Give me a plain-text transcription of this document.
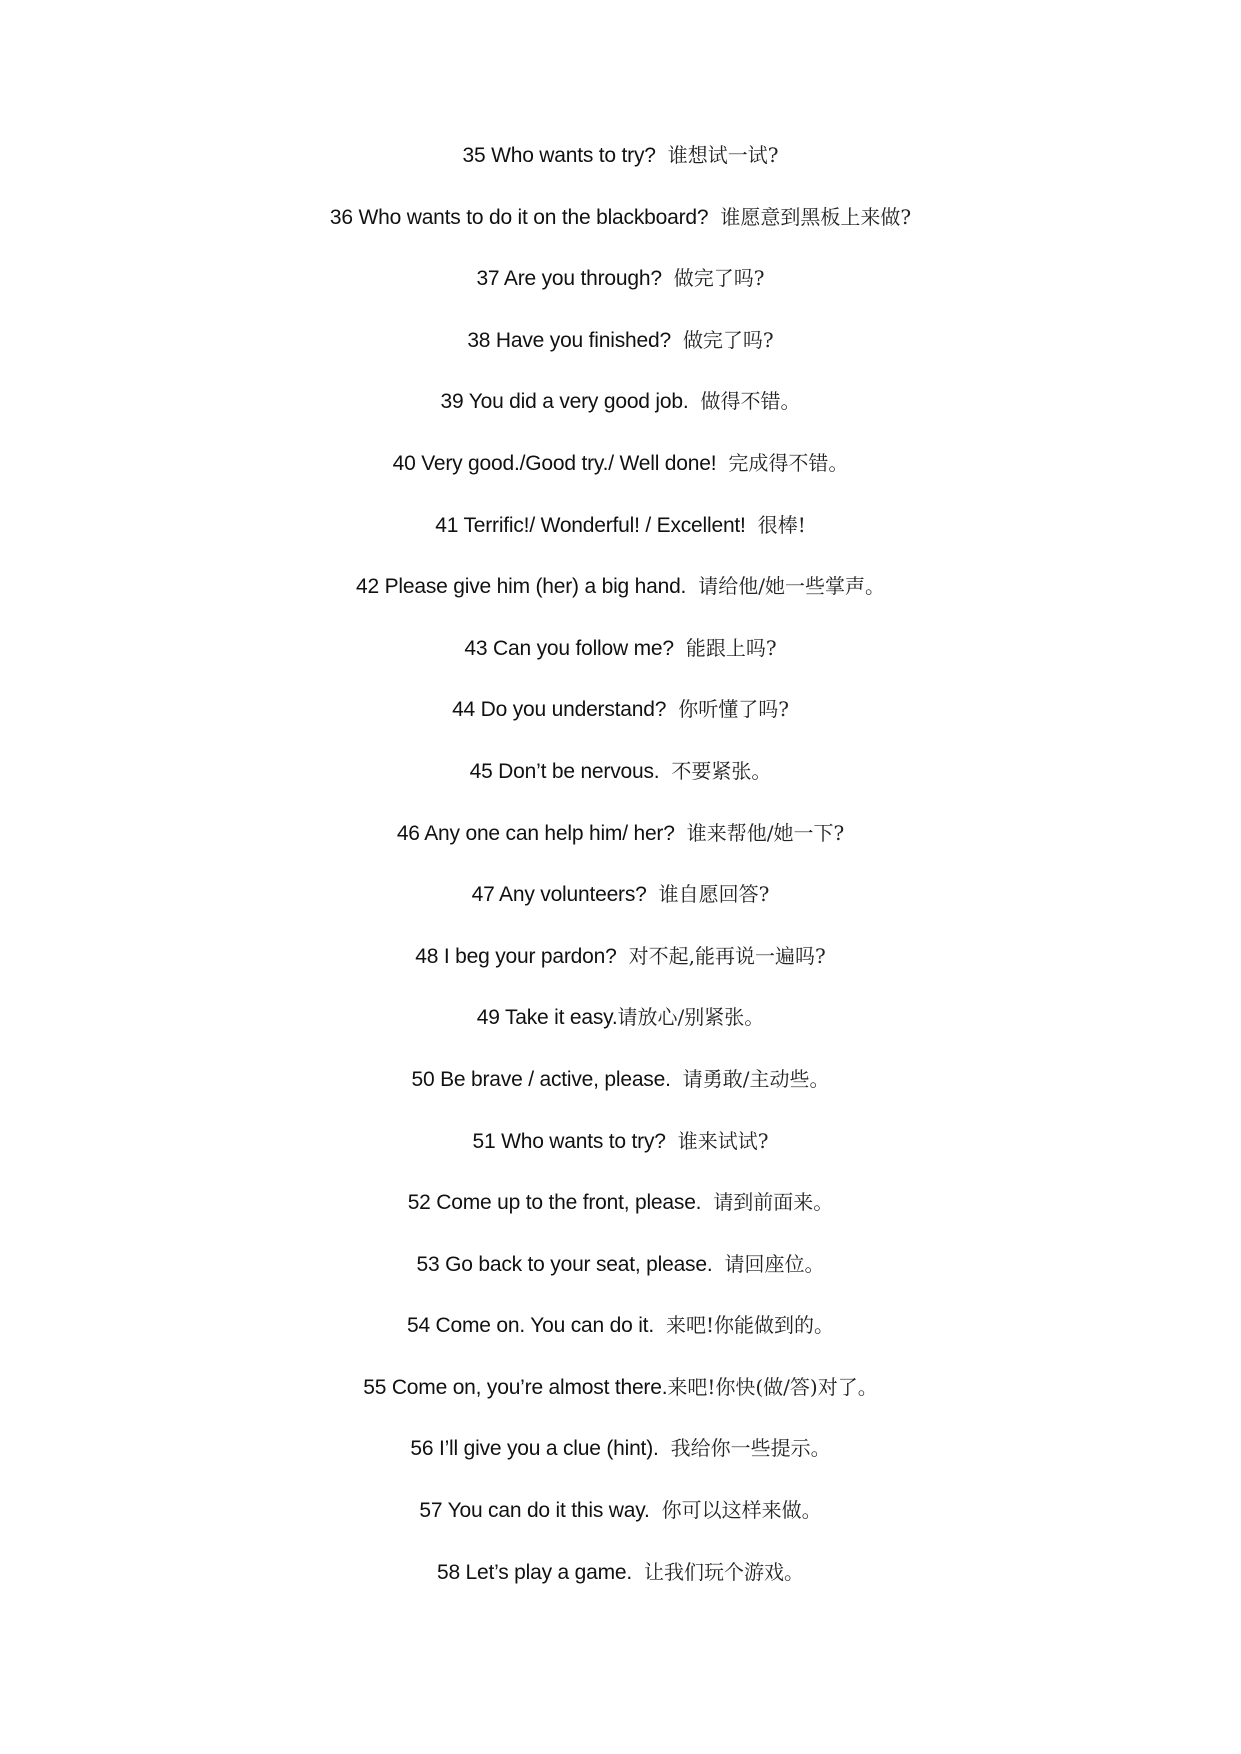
35 Who wants to try? 谁想试一试?
36 Who wants to do it on the blackboard? 谁愿意到黑板上来做?
37 Are you through? 做完了吗?
38 Have you finished? 做完了吗?
39 You did a very good job. 做得不错。
40 Very good./Good try./ Well done! 完成得不错。
41 Terrific!/ Wonderful! / Excellent! 很棒!
42 Please give him (her) a big hand. 请给他/她一些掌声。
43 Can you follow me? 能跟上吗?
44 Do you understand? 你听懂了吗?
45 Don’t be nervous. 不要紧张。
46 Any one can help him/ her? 谁来帮他/她一下?
47 Any volunteers? 谁自愿回答?
48 I beg your pardon? 对不起,能再说一遍吗?
49 Take it easy.请放心/别紧张。
50 Be brave / active, please. 请勇敢/主动些。
51 Who wants to try? 谁来试试?
52 Come up to the front, please. 请到前面来。
53 Go back to your seat, please. 请回座位。
54 Come on. You can do it. 来吧!你能做到的。
55 Come on, you’re almost there.来吧!你快(做/答)对了。
56 I’ll give you a clue (hint). 我给你一些提示。
57 You can do it this way. 你可以这样来做。
58 Let’s play a game. 让我们玩个游戏。
